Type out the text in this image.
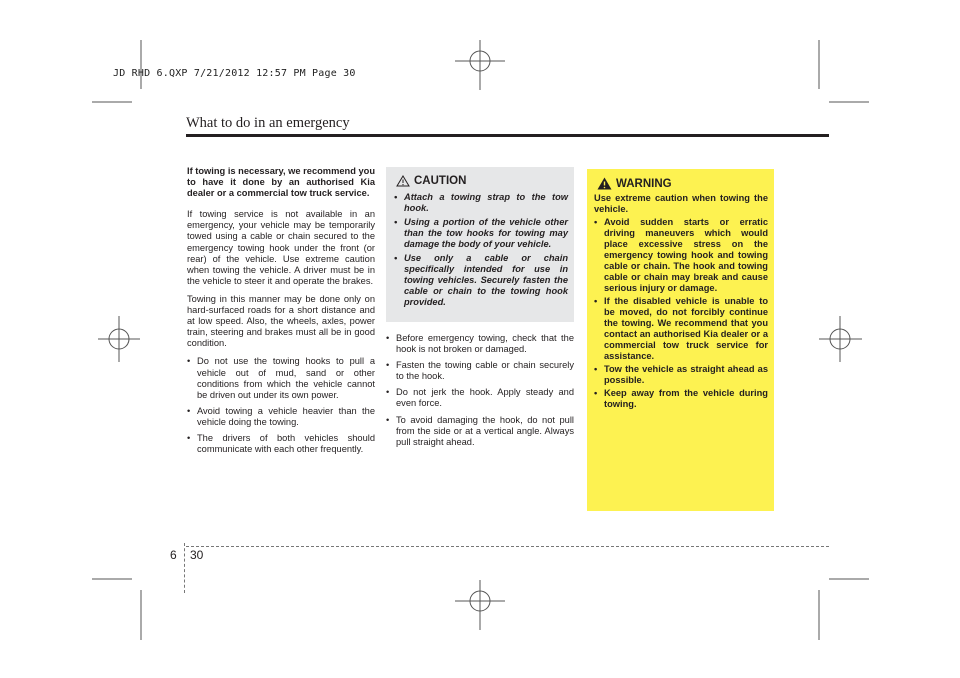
JD RHD 6.QXP 7/21/2012 12:57 PM Page 30
What to do in an emergency

If towing is necessary, we recommend you to have it done by an authorised Kia dealer or a commercial tow truck service.

If towing service is not available in an emergency, your vehicle may be temporarily towed using a cable or chain secured to the emergency towing hook under the front (or rear) of the vehicle. Use extreme caution when towing the vehicle. A driver must be in the vehicle to steer it and operate the brakes.

Towing in this manner may be done only on hard-surfaced roads for a short distance and at low speed. Also, the wheels, axles, power train, steering and brakes must all be in good condition.

• Do not use the towing hooks to pull a vehicle out of mud, sand or other conditions from which the vehicle cannot be driven out under its own power.
• Avoid towing a vehicle heavier than the vehicle doing the towing.
• The drivers of both vehicles should communicate with each other frequently.
CAUTION
• Attach a towing strap to the tow hook.
• Using a portion of the vehicle other than the tow hooks for towing may damage the body of your vehicle.
• Use only a cable or chain specifically intended for use in towing vehicles. Securely fasten the cable or chain to the towing hook provided.
• Before emergency towing, check that the hook is not broken or damaged.
• Fasten the towing cable or chain securely to the hook.
• Do not jerk the hook. Apply steady and even force.
• To avoid damaging the hook, do not pull from the side or at a vertical angle. Always pull straight ahead.
WARNING

Use extreme caution when towing the vehicle.

• Avoid sudden starts or erratic driving maneuvers which would place excessive stress on the emergency towing hook and towing cable or chain. The hook and towing cable or chain may break and cause serious injury or damage.
• If the disabled vehicle is unable to be moved, do not forcibly continue the towing. We recommend that you contact an authorised Kia dealer or a commercial tow truck service for assistance.
• Tow the vehicle as straight ahead as possible.
• Keep away from the vehicle during towing.
6 30
